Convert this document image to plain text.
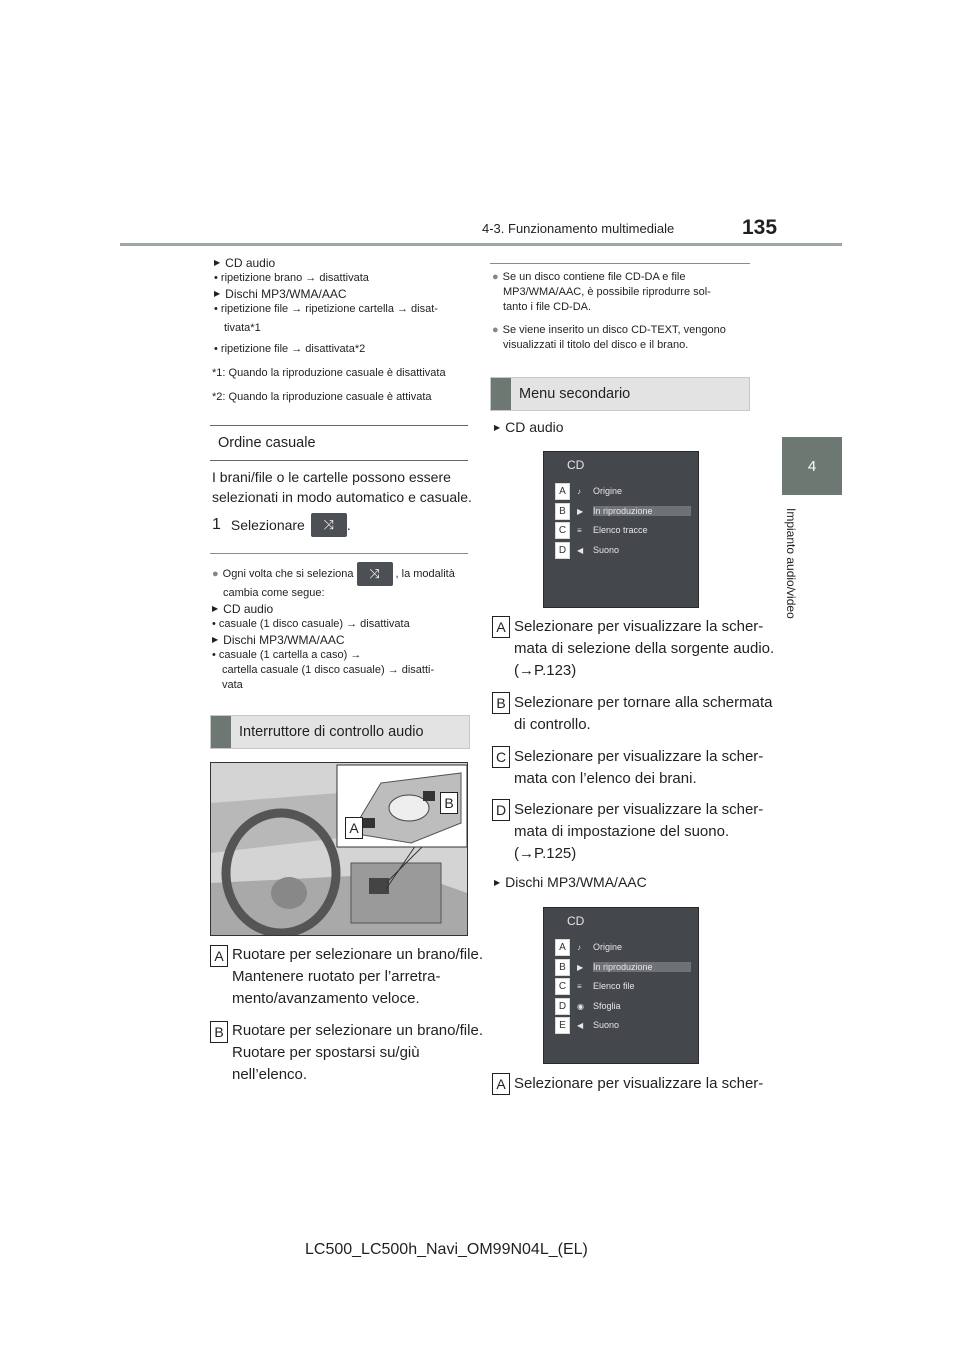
4-3. Funzionamento multimediale	135
4
Impianto audio/video
▶ CD audio
• ripetizione brano → disattivata
▶ Dischi MP3/WMA/AAC
• ripetizione file → ripetizione cartella → disat-
tivata*1
• ripetizione file → disattivata*2
*1: Quando la riproduzione casuale è disattivata
*2: Quando la riproduzione casuale è attivata
Ordine casuale
I brani/file o le cartelle possono essere
selezionati in modo automatico e casuale.
1 Selezionare	⤨ .
● Ogni volta che si seleziona	⤨	, la modalità
cambia come segue:
▶ CD audio
• casuale (1 disco casuale) → disattivata
▶ Dischi MP3/WMA/AAC
• casuale (1 cartella a caso) →
cartella casuale (1 disco casuale) → disatti-
vata
Interruttore di controllo audio
B
A
A Ruotare per selezionare un brano/file.
Mantenere ruotato per l’arretra-
mento/avanzamento veloce.
B Ruotare per selezionare un brano/file.
Ruotare per spostarsi su/giù
nell’elenco.
● Se un disco contiene file CD-DA e file
MP3/WMA/AAC, è possibile riprodurre sol-
tanto i file CD-DA.
● Se viene inserito un disco CD-TEXT, vengono
visualizzati il titolo del disco e il brano.
Menu secondario
▶ CD audio
CD
A	♪	Origine
B	▶	In riproduzione
C	≡	Elenco tracce
D	◀	Suono
A Selezionare per visualizzare la scher-
mata di selezione della sorgente audio.
(→P.123)
B Selezionare per tornare alla schermata
di controllo.
C Selezionare per visualizzare la scher-
mata con l’elenco dei brani.
D Selezionare per visualizzare la scher-
mata di impostazione del suono.
(→P.125)
▶ Dischi MP3/WMA/AAC
CD
A	♪	Origine
B	▶	In riproduzione
C	≡	Elenco file
D	◉	Sfoglia
E	◀	Suono
A Selezionare per visualizzare la scher-
LC500_LC500h_Navi_OM99N04L_(EL)
